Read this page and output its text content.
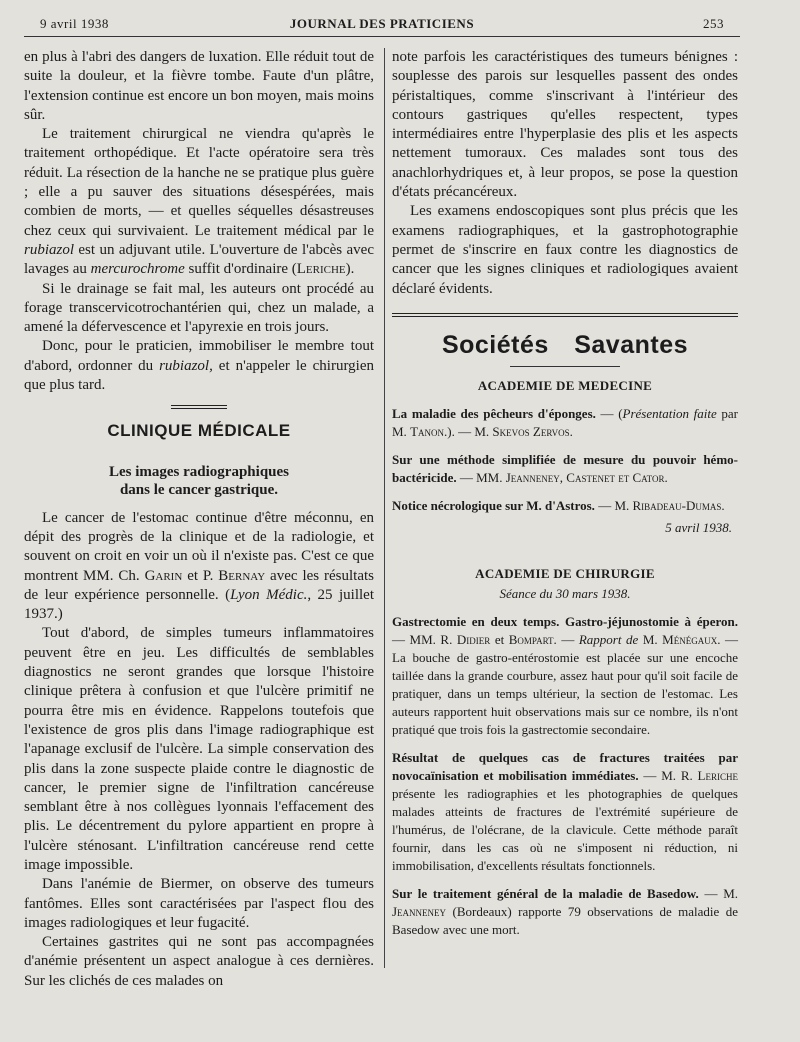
9 avril 1938	JOURNAL DES PRATICIENS	253

en plus à l'abri des dangers de luxation. Elle réduit tout de suite la douleur, et la fièvre tombe. Faute d'un plâtre, l'extension continue est encore un bon moyen, mais moins sûr.

Le traitement chirurgical ne viendra qu'après le traitement orthopédique. Et l'acte opératoire sera très réduit. La résection de la hanche ne se pratique plus guère ; elle a pu sauver des situations désespérées, mais combien de morts, — et quelles séquelles désastreuses chez ceux qui survivaient. Le traitement médical par le rubiazol est un adjuvant utile. L'ouverture de l'abcès avec lavages au mercurochrome suffit d'ordinaire (Leriche).

Si le drainage se fait mal, les auteurs ont procédé au forage transcervicotrochantérien qui, chez un malade, a amené la défervescence et l'apyrexie en trois jours.

Donc, pour le praticien, immobiliser le membre tout d'abord, ordonner du rubiazol, et n'appeler le chirurgien que plus tard.

CLINIQUE MÉDICALE
Les images radiographiques
dans le cancer gastrique.

Le cancer de l'estomac continue d'être méconnu, en dépit des progrès de la clinique et de la radiologie, et souvent on croit en voir un où il n'existe pas. C'est ce que montrent MM. Ch. Garin et P. Bernay avec les résultats de leur expérience personnelle. (Lyon Médic., 25 juillet 1937.)

Tout d'abord, de simples tumeurs inflammatoires peuvent être en jeu. Les difficultés de semblables diagnostics ne seront grandes que lorsque l'histoire clinique prêtera à confusion et que l'ulcère primitif ne pourra être mis en évidence. Rappelons toutefois que l'existence de gros plis dans l'image radiographique est l'apanage exclusif de l'ulcère. La simple conservation des plis dans la zone suspecte plaide contre le diagnostic de cancer, le premier signe de l'infiltration cancéreuse semblant être à nos collègues lyonnais l'effacement des plis. Le décentrement du pylore appartient en propre à l'ulcère sténosant. L'infiltration cancéreuse rend cette image impossible.

Dans l'anémie de Biermer, on observe des tumeurs fantômes. Elles sont caractérisées par l'aspect flou des images radiologiques et leur fugacité.

Certaines gastrites qui ne sont pas accompagnées d'anémie présentent un aspect analogue à ces dernières. Sur les clichés de ces malades on

note parfois les caractéristiques des tumeurs bénignes : souplesse des parois sur lesquelles passent des ondes péristaltiques, comme s'inscrivant à l'intérieur des contours gastriques qu'elles respectent, types intermédiaires entre l'hyperplasie des plis et les aspects nettement tumoraux. Ces malades sont tous des anachlorhydriques et, à leur propos, se pose la question d'états précancéreux.

Les examens endoscopiques sont plus précis que les examens radiographiques, et la gastrophotographie permet de s'inscrire en faux contre les diagnostics de cancer que les signes cliniques et radiologiques avaient déclaré évidents.

Sociétés Savantes
ACADEMIE DE MEDECINE

La maladie des pêcheurs d'éponges. — (Présentation faite par M. Tanon.). — M. Skevos Zervos.

Sur une méthode simplifiée de mesure du pouvoir hémo-bactéricide. — MM. Jeanneney, Castenet et Cator.

Notice nécrologique sur M. d'Astros. — M. Ribadeau-Dumas.

5 avril 1938.
ACADEMIE DE CHIRURGIE
Séance du 30 mars 1938.

Gastrectomie en deux temps. Gastro-jéjunostomie à éperon. — MM. R. Didier et Bompart. — Rapport de M. Ménégaux. — La bouche de gastro-entérostomie est placée sur une encoche taillée dans la grande courbure, assez haut pour qu'il soit facile de pratiquer, dans un temps ultérieur, la section de l'estomac. Les auteurs rapportent huit observations mais sur ce nombre, ils n'ont pratiqué que trois fois la gastrectomie secondaire.

Résultat de quelques cas de fractures traitées par novocaïnisation et mobilisation immédiates. — M. R. Leriche présente les radiographies et les photographies de quelques malades atteints de fractures de l'extrémité supérieure de l'humérus, de l'olécrane, de la clavicule. Cette méthode paraît fournir, dans les cas où ne s'imposent ni réduction, ni immobilisation, d'excellents résultats fonctionnels.

Sur le traitement général de la maladie de Basedow. — M. Jeanneney (Bordeaux) rapporte 79 observations de maladie de Basedow avec une mort.
